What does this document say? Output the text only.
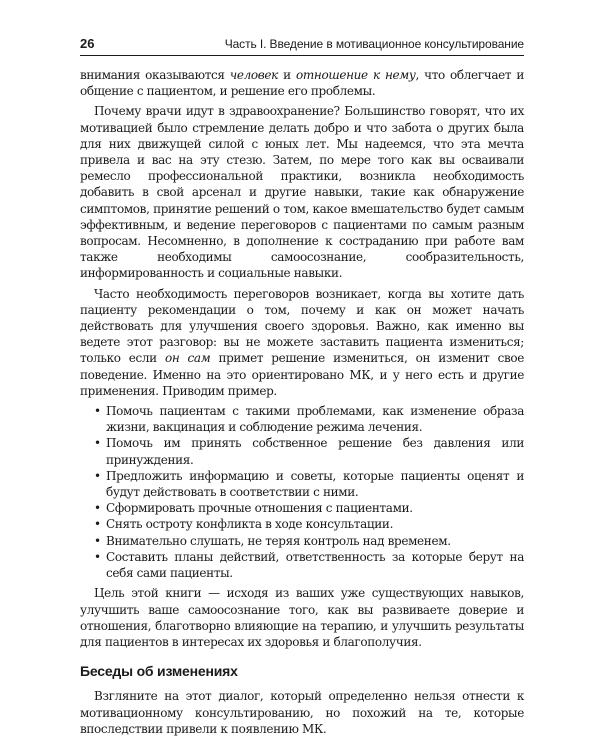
26	Часть I. Введение в мотивационное консультирование

внимания оказываются человек и отношение к нему, что облегчает и общение с пациентом, и решение его проблемы.

Почему врачи идут в здравоохранение? Большинство говорят, что их мотивацией было стремление делать добро и что забота о других была для них движущей силой с юных лет. Мы надеемся, что эта мечта привела и вас на эту стезю. Затем, по мере того как вы осваивали ремесло профессиональной практики, возникла необходимость добавить в свой арсенал и другие навыки, такие как обнаружение симптомов, принятие решений о том, какое вмешательство будет самым эффективным, и ведение переговоров с пациентами по самым разным вопросам. Несомненно, в дополнение к состраданию при работе вам также необходимы самоосознание, сообразительность, информированность и социальные навыки.

Часто необходимость переговоров возникает, когда вы хотите дать пациенту рекомендации о том, почему и как он может начать действовать для улучшения своего здоровья. Важно, как именно вы ведете этот разговор: вы не можете заставить пациента измениться; только если он сам примет решение измениться, он изменит свое поведение. Именно на это ориентировано МК, и у него есть и другие применения. Приводим пример.

• Помочь пациентам с такими проблемами, как изменение образа жизни, вакцинация и соблюдение режима лечения.
• Помочь им принять собственное решение без давления или принуждения.
• Предложить информацию и советы, которые пациенты оценят и будут действовать в соответствии с ними.
• Сформировать прочные отношения с пациентами.
• Снять остроту конфликта в ходе консультации.
• Внимательно слушать, не теряя контроль над временем.
• Составить планы действий, ответственность за которые берут на себя сами пациенты.

Цель этой книги — исходя из ваших уже существующих навыков, улучшить ваше самоосознание того, как вы развиваете доверие и отношения, благотворно влияющие на терапию, и улучшить результаты для пациентов в интересах их здоровья и благополучия.

Беседы об изменениях

Взгляните на этот диалог, который определенно нельзя отнести к мотивационному консультированию, но похожий на те, которые впоследствии привели к появлению МК.
